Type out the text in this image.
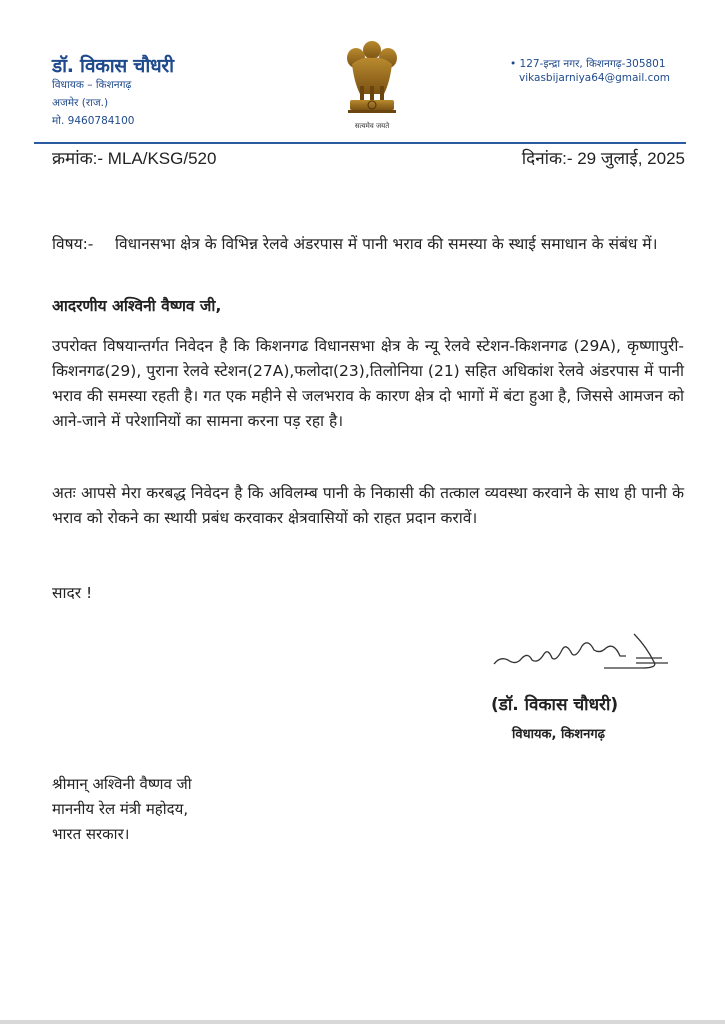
डॉ. विकास चौधरी
विधायक – किशनगढ़
अजमेर (राज.)
मो. 9460784100	सत्यमेव जयते
• 127-इन्द्रा नगर, किशनगढ़-305801
vikasbijarniya64@gmail.com
क्रमांक:- MLA/KSG/520	दिनांक:- 29 जुलाई, 2025
विषय:- विधानसभा क्षेत्र के विभिन्न रेलवे अंडरपास में पानी भराव की समस्या के स्थाई समाधान के संबंध में।
आदरणीय अश्विनी वैष्णव जी,
उपरोक्त विषयान्तर्गत निवेदन है कि किशनगढ विधानसभा क्षेत्र के न्यू रेलवे स्टेशन-किशनगढ (29A), कृष्णापुरी-किशनगढ(29), पुराना रेलवे स्टेशन(27A),फलोदा(23),तिलोनिया (21) सहित अधिकांश रेलवे अंडरपास में पानी भराव की समस्या रहती है। गत एक महीने से जलभराव के कारण क्षेत्र दो भागों में बंटा हुआ है, जिससे आमजन को आने-जाने में परेशानियों का सामना करना पड़ रहा है।
अतः आपसे मेरा करबद्ध निवेदन है कि अविलम्ब पानी के निकासी की तत्काल व्यवस्था करवाने के साथ ही पानी के भराव को रोकने का स्थायी प्रबंध करवाकर क्षेत्रवासियों को राहत प्रदान करावें।
सादर !
(डॉ. विकास चौधरी)
विधायक, किशनगढ़
श्रीमान् अश्विनी वैष्णव जी
माननीय रेल मंत्री महोदय,
भारत सरकार।
